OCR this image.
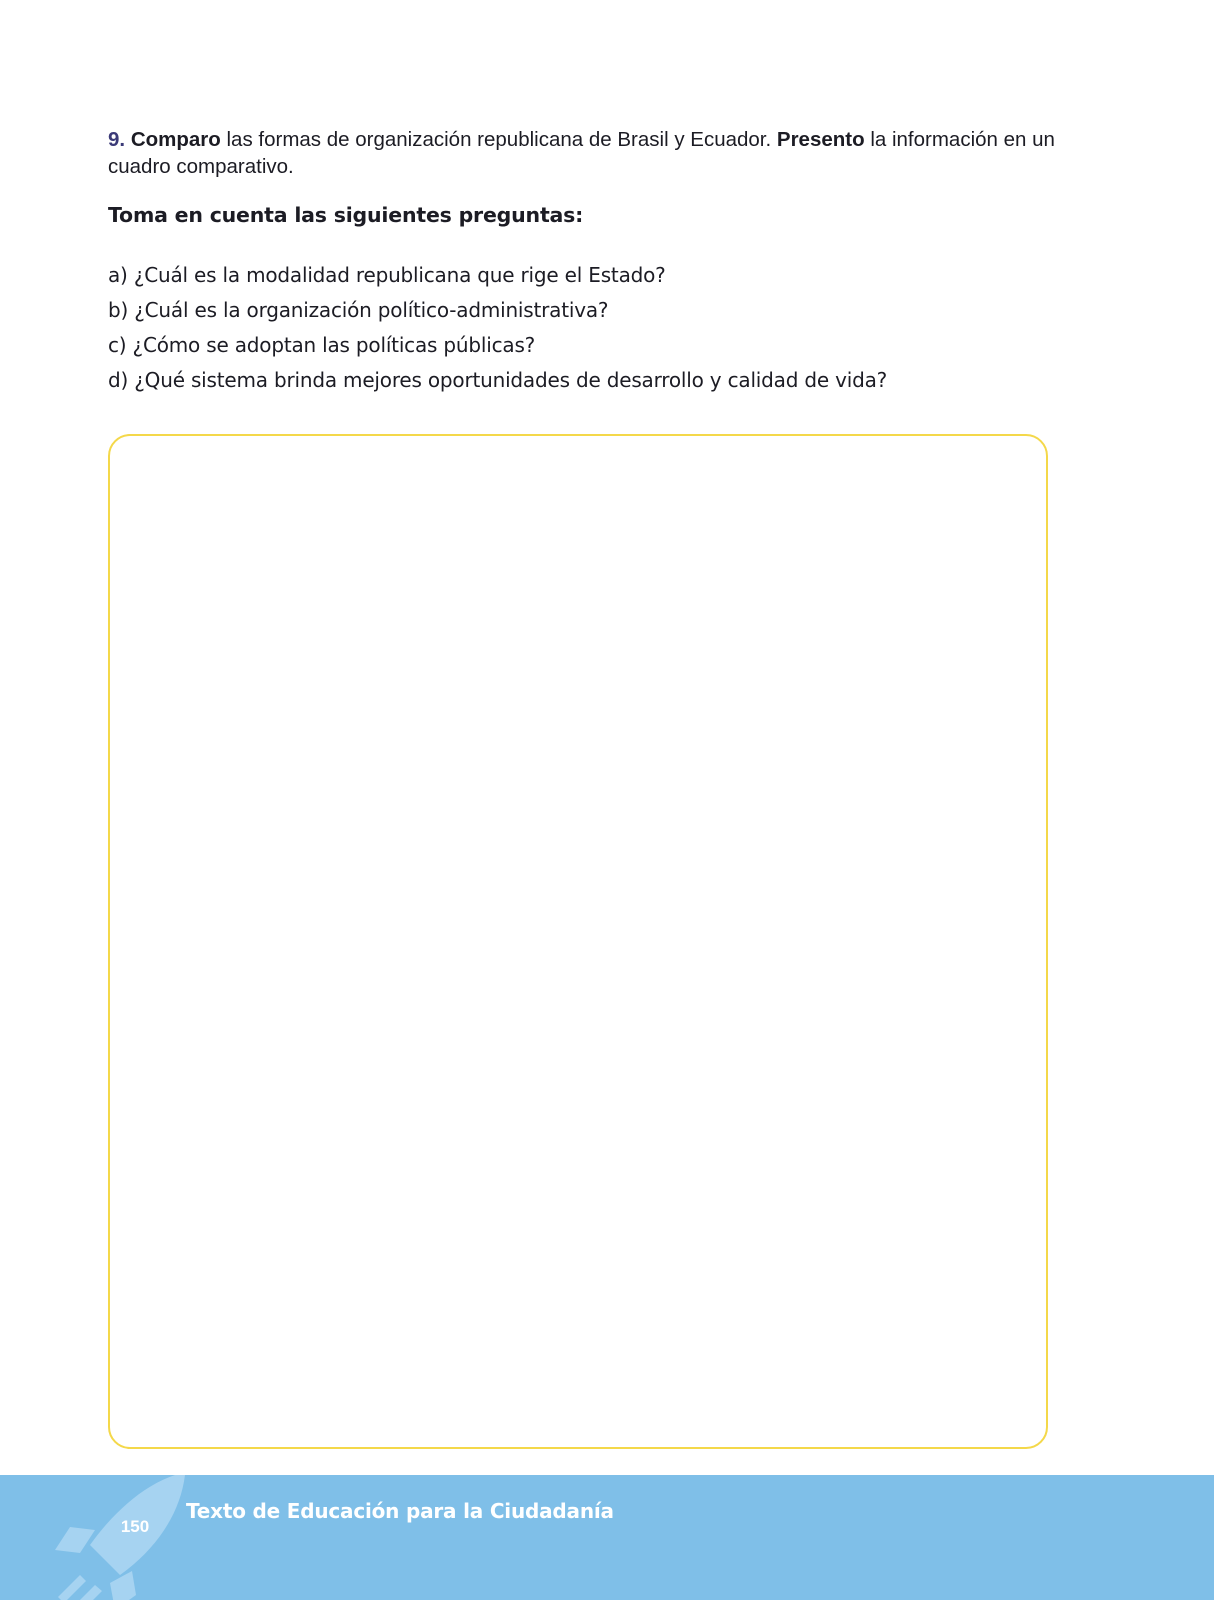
9. Comparo las formas de organización republicana de Brasil y Ecuador. Presento la información en un cuadro comparativo.

Toma en cuenta las siguientes preguntas:
a) ¿Cuál es la modalidad republicana que rige el Estado?
b) ¿Cuál es la organización político-administrativa?
c) ¿Cómo se adoptan las políticas públicas?
d) ¿Qué sistema brinda mejores oportunidades de desarrollo y calidad de vida?
150
Texto de Educación para la Ciudadanía
